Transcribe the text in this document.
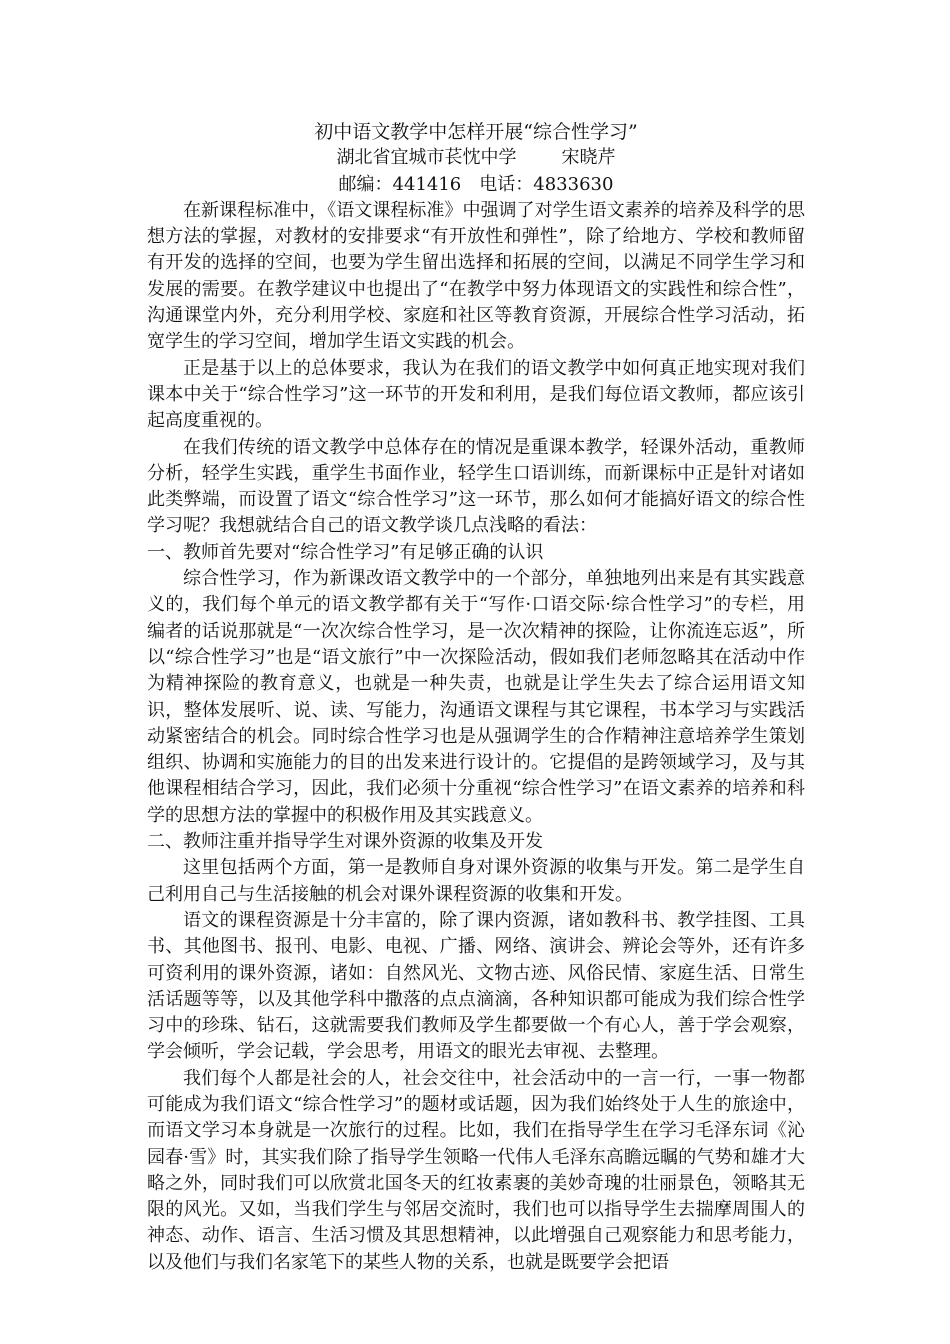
初中语文教学中怎样开展“综合性学习”

湖北省宜城市苌忱中学	宋晓芹

邮编：441416 电话：4833630

在新课程标准中，《语文课程标准》中强调了对学生语文素养的培养及科学的思想方法的掌握，对教材的安排要求“有开放性和弹性”，除了给地方、学校和教师留有开发的选择的空间，也要为学生留出选择和拓展的空间，以满足不同学生学习和发展的需要。在教学建议中也提出了“在教学中努力体现语文的实践性和综合性”，沟通课堂内外，充分利用学校、家庭和社区等教育资源，开展综合性学习活动，拓宽学生的学习空间，增加学生语文实践的机会。

正是基于以上的总体要求，我认为在我们的语文教学中如何真正地实现对我们课本中关于“综合性学习”这一环节的开发和利用，是我们每位语文教师，都应该引起高度重视的。

在我们传统的语文教学中总体存在的情况是重课本教学，轻课外活动，重教师分析，轻学生实践，重学生书面作业，轻学生口语训练，而新课标中正是针对诸如此类弊端，而设置了语文“综合性学习”这一环节，那么如何才能搞好语文的综合性学习呢？我想就结合自己的语文教学谈几点浅略的看法：

一、教师首先要对“综合性学习”有足够正确的认识

综合性学习，作为新课改语文教学中的一个部分，单独地列出来是有其实践意义的，我们每个单元的语文教学都有关于“写作·口语交际·综合性学习”的专栏，用编者的话说那就是“一次次综合性学习，是一次次精神的探险，让你流连忘返”，所以“综合性学习”也是“语文旅行”中一次探险活动，假如我们老师忽略其在活动中作为精神探险的教育意义，也就是一种失责，也就是让学生失去了综合运用语文知识，整体发展听、说、读、写能力，沟通语文课程与其它课程，书本学习与实践活动紧密结合的机会。同时综合性学习也是从强调学生的合作精神注意培养学生策划组织、协调和实施能力的目的出发来进行设计的。它提倡的是跨领域学习，及与其他课程相结合学习，因此，我们必须十分重视“综合性学习”在语文素养的培养和科学的思想方法的掌握中的积极作用及其实践意义。

二、教师注重并指导学生对课外资源的收集及开发

这里包括两个方面，第一是教师自身对课外资源的收集与开发。第二是学生自己利用自己与生活接触的机会对课外课程资源的收集和开发。

语文的课程资源是十分丰富的，除了课内资源，诸如教科书、教学挂图、工具书、其他图书、报刊、电影、电视、广播、网络、演讲会、辨论会等外，还有许多可资利用的课外资源，诸如：自然风光、文物古迹、风俗民情、家庭生活、日常生活话题等等，以及其他学科中撒落的点点滴滴，各种知识都可能成为我们综合性学习中的珍珠、钻石，这就需要我们教师及学生都要做一个有心人，善于学会观察，学会倾听，学会记载，学会思考，用语文的眼光去审视、去整理。

我们每个人都是社会的人，社会交往中，社会活动中的一言一行，一事一物都可能成为我们语文“综合性学习”的题材或话题，因为我们始终处于人生的旅途中，而语文学习本身就是一次旅行的过程。比如，我们在指导学生在学习毛泽东词《沁园春·雪》时，其实我们除了指导学生领略一代伟人毛泽东高瞻远瞩的气势和雄才大略之外，同时我们可以欣赏北国冬天的红妆素裹的美妙奇瑰的壮丽景色，领略其无限的风光。又如，当我们学生与邻居交流时，我们也可以指导学生去揣摩周围人的神态、动作、语言、生活习惯及其思想精神，以此增强自己观察能力和思考能力，以及他们与我们名家笔下的某些人物的关系，也就是既要学会把语
